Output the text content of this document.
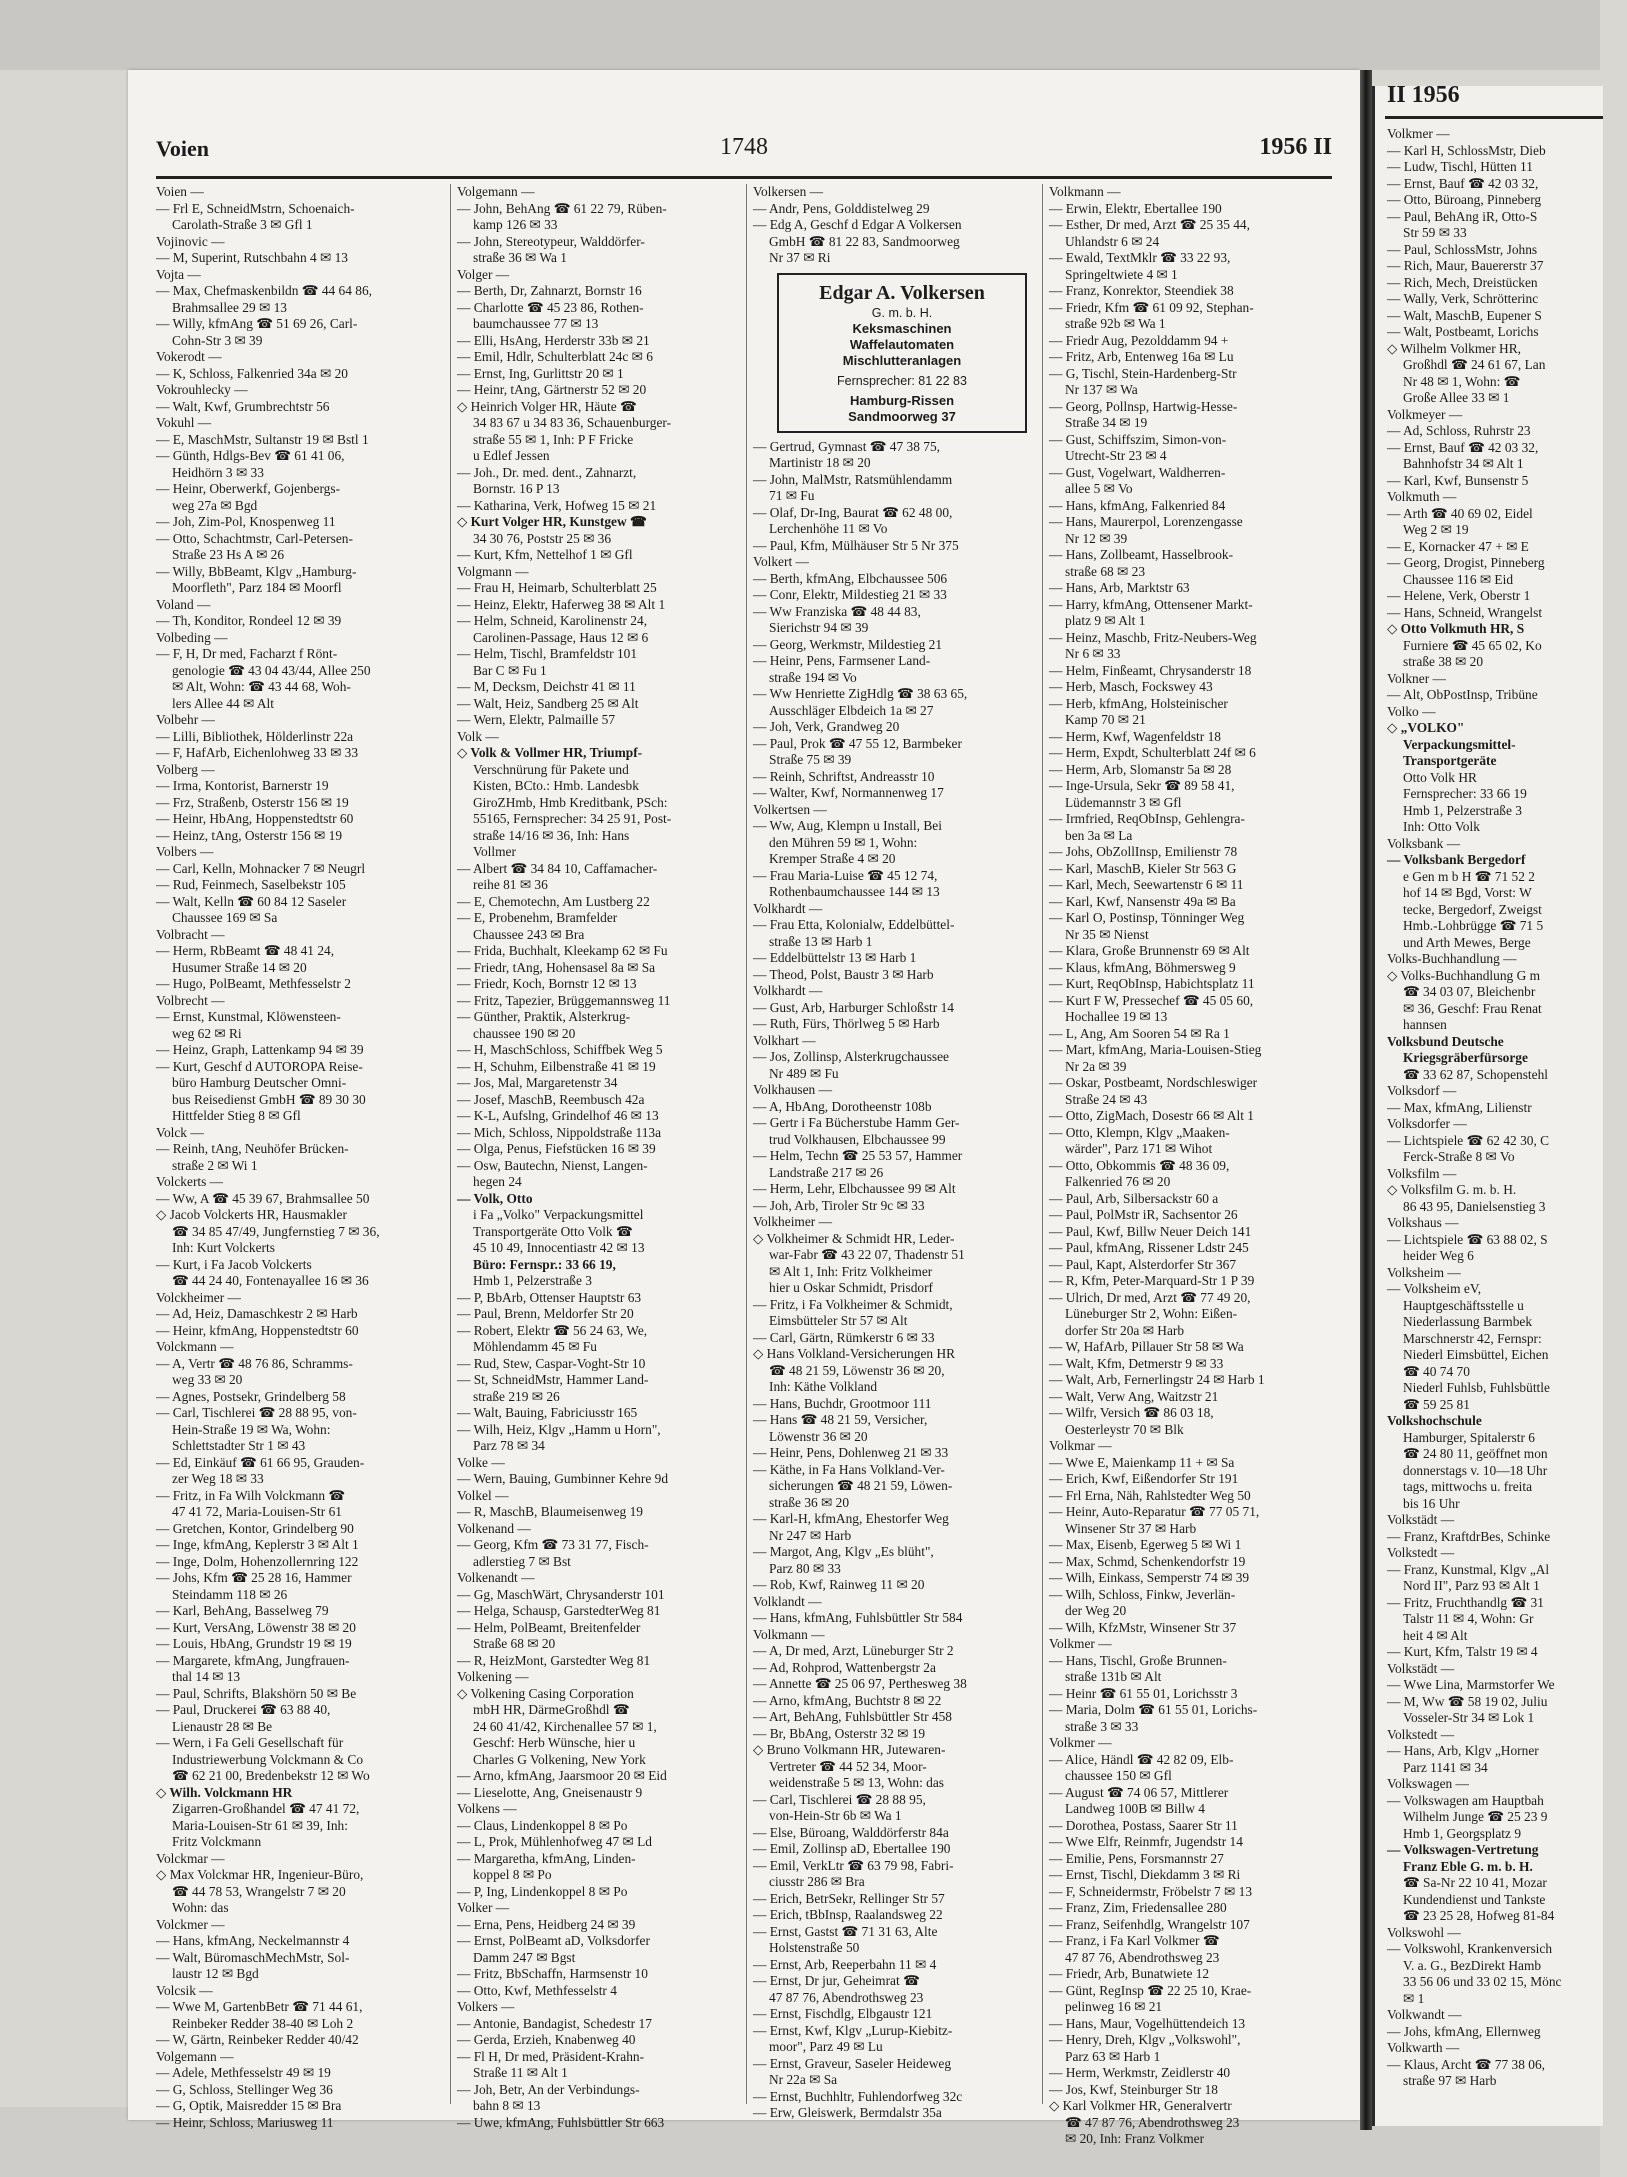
Voien	1748	1956 II
Voien —
— Frl E, SchneidMstrn, Schoenaich-
Carolath-Straße 3 ✉ Gfl 1
Vojinovic —
— M, Superint, Rutschbahn 4 ✉ 13
Vojta —
— Max, Chefmaskenbildn ☎ 44 64 86,
Brahmsallee 29 ✉ 13
— Willy, kfmAng ☎ 51 69 26, Carl-
Cohn-Str 3 ✉ 39
Vokerodt —
— K, Schloss, Falkenried 34a ✉ 20
Vokrouhlecky —
— Walt, Kwf, Grumbrechtstr 56
Vokuhl —
— E, MaschMstr, Sultanstr 19 ✉ Bstl 1
— Günth, Hdlgs-Bev ☎ 61 41 06,
Heidhörn 3 ✉ 33
— Heinr, Oberwerkf, Gojenbergs-
weg 27a ✉ Bgd
— Joh, Zim-Pol, Knospenweg 11
— Otto, Schachtmstr, Carl-Petersen-
Straße 23 Hs A ✉ 26
— Willy, BbBeamt, Klgv „Hamburg-
Moorfleth", Parz 184 ✉ Moorfl
Voland —
— Th, Konditor, Rondeel 12 ✉ 39
Volbeding —
— F, H, Dr med, Facharzt f Rönt-
genologie ☎ 43 04 43/44, Allee 250
✉ Alt, Wohn: ☎ 43 44 68, Woh-
lers Allee 44 ✉ Alt
Volbehr —
— Lilli, Bibliothek, Hölderlinstr 22a
— F, HafArb, Eichenlohweg 33 ✉ 33
Volberg —
— Irma, Kontorist, Barnerstr 19
— Frz, Straßenb, Osterstr 156 ✉ 19
— Heinr, HbAng, Hoppenstedtstr 60
— Heinz, tAng, Osterstr 156 ✉ 19
Volbers —
— Carl, Kelln, Mohnacker 7 ✉ Neugrl
— Rud, Feinmech, Saselbekstr 105
— Walt, Kelln ☎ 60 84 12 Saseler
Chaussee 169 ✉ Sa
Volbracht —
— Herm, RbBeamt ☎ 48 41 24,
Husumer Straße 14 ✉ 20
— Hugo, PolBeamt, Methfesselstr 2
Volbrecht —
— Ernst, Kunstmal, Klöwensteen-
weg 62 ✉ Ri
— Heinz, Graph, Lattenkamp 94 ✉ 39
— Kurt, Geschf d AUTOROPA Reise-
büro Hamburg Deutscher Omni-
bus Reisedienst GmbH ☎ 89 30 30
Hittfelder Stieg 8 ✉ Gfl
Volck —
— Reinh, tAng, Neuhöfer Brücken-
straße 2 ✉ Wi 1
Volckerts —
— Ww, A ☎ 45 39 67, Brahmsallee 50
◇ Jacob Volckerts HR, Hausmakler
☎ 34 85 47/49, Jungfernstieg 7 ✉ 36,
Inh: Kurt Volckerts
— Kurt, i Fa Jacob Volckerts
☎ 44 24 40, Fontenayallee 16 ✉ 36
Volckheimer —
— Ad, Heiz, Damaschkestr 2 ✉ Harb
— Heinr, kfmAng, Hoppenstedtstr 60
Volckmann —
— A, Vertr ☎ 48 76 86, Schramms-
weg 33 ✉ 20
— Agnes, Postsekr, Grindelberg 58
— Carl, Tischlerei ☎ 28 88 95, von-
Hein-Straße 19 ✉ Wa, Wohn:
Schlettstadter Str 1 ✉ 43
— Ed, Einkäuf ☎ 61 66 95, Grauden-
zer Weg 18 ✉ 33
— Fritz, in Fa Wilh Volckmann ☎
47 41 72, Maria-Louisen-Str 61
— Gretchen, Kontor, Grindelberg 90
— Inge, kfmAng, Keplerstr 3 ✉ Alt 1
— Inge, Dolm, Hohenzollernring 122
— Johs, Kfm ☎ 25 28 16, Hammer
Steindamm 118 ✉ 26
— Karl, BehAng, Basselweg 79
— Kurt, VersAng, Löwenstr 38 ✉ 20
— Louis, HbAng, Grundstr 19 ✉ 19
— Margarete, kfmAng, Jungfrauen-
thal 14 ✉ 13
— Paul, Schrifts, Blakshörn 50 ✉ Be
— Paul, Druckerei ☎ 63 88 40,
Lienaustr 28 ✉ Be
— Wern, i Fa Geli Gesellschaft für
Industriewerbung Volckmann & Co
☎ 62 21 00, Bredenbekstr 12 ✉ Wo
◇ Wilh. Volckmann HR
Zigarren-Großhandel ☎ 47 41 72,
Maria-Louisen-Str 61 ✉ 39, Inh:
Fritz Volckmann
Volckmar —
◇ Max Volckmar HR, Ingenieur-Büro,
☎ 44 78 53, Wrangelstr 7 ✉ 20
Wohn: das
Volckmer —
— Hans, kfmAng, Neckelmannstr 4
— Walt, BüromaschMechMstr, Sol-
laustr 12 ✉ Bgd
Volcsik —
— Wwe M, GartenbBetr ☎ 71 44 61,
Reinbeker Redder 38-40 ✉ Loh 2
— W, Gärtn, Reinbeker Redder 40/42
Volgemann —
— Adele, Methfesselstr 49 ✉ 19
— G, Schloss, Stellinger Weg 36
— G, Optik, Maisredder 15 ✉ Bra
— Heinr, Schloss, Mariusweg 11
Volgemann —
— John, BehAng ☎ 61 22 79, Rüben-
kamp 126 ✉ 33
— John, Stereotypeur, Walddörfer-
straße 36 ✉ Wa 1
Volger —
— Berth, Dr, Zahnarzt, Bornstr 16
— Charlotte ☎ 45 23 86, Rothen-
baumchaussee 77 ✉ 13
— Elli, HsAng, Herderstr 33b ✉ 21
— Emil, Hdlr, Schulterblatt 24c ✉ 6
— Ernst, Ing, Gurlittstr 20 ✉ 1
— Heinr, tAng, Gärtnerstr 52 ✉ 20
◇ Heinrich Volger HR, Häute ☎
34 83 67 u 34 83 36, Schauenburger-
straße 55 ✉ 1, Inh: P F Fricke
u Edlef Jessen
— Joh., Dr. med. dent., Zahnarzt,
Bornstr. 16 P 13
— Katharina, Verk, Hofweg 15 ✉ 21
◇ Kurt Volger HR, Kunstgew ☎
34 30 76, Poststr 25 ✉ 36
— Kurt, Kfm, Nettelhof 1 ✉ Gfl
Volgmann —
— Frau H, Heimarb, Schulterblatt 25
— Heinz, Elektr, Haferweg 38 ✉ Alt 1
— Helm, Schneid, Karolinenstr 24,
Carolinen-Passage, Haus 12 ✉ 6
— Helm, Tischl, Bramfeldstr 101
Bar C ✉ Fu 1
— M, Decksm, Deichstr 41 ✉ 11
— Walt, Heiz, Sandberg 25 ✉ Alt
— Wern, Elektr, Palmaille 57
Volk —
◇ Volk & Vollmer HR, Triumpf-
Verschnürung für Pakete und
Kisten, BCto.: Hmb. Landesbk
GiroZHmb, Hmb Kreditbank, PSch:
55165, Fernsprecher: 34 25 91, Post-
straße 14/16 ✉ 36, Inh: Hans
Vollmer
— Albert ☎ 34 84 10, Caffamacher-
reihe 81 ✉ 36
— E, Chemotechn, Am Lustberg 22
— E, Probenehm, Bramfelder
Chaussee 243 ✉ Bra
— Frida, Buchhalt, Kleekamp 62 ✉ Fu
— Friedr, tAng, Hohensasel 8a ✉ Sa
— Friedr, Koch, Bornstr 12 ✉ 13
— Fritz, Tapezier, Brüggemannsweg 11
— Günther, Praktik, Alsterkrug-
chaussee 190 ✉ 20
— H, MaschSchloss, Schiffbek Weg 5
— H, Schuhm, Eilbenstraße 41 ✉ 19
— Jos, Mal, Margaretenstr 34
— Josef, MaschB, Reembusch 42a
— K-L, Aufslng, Grindelhof 46 ✉ 13
— Mich, Schloss, Nippoldstraße 113a
— Olga, Penus, Fiefstücken 16 ✉ 39
— Osw, Bautechn, Nienst, Langen-
hegen 24
— Volk, Otto
i Fa „Volko" Verpackungsmittel
Transportgeräte Otto Volk ☎
45 10 49, Innocentiastr 42 ✉ 13
Büro: Fernspr.: 33 66 19,
Hmb 1, Pelzerstraße 3
— P, BbArb, Ottenser Hauptstr 63
— Paul, Brenn, Meldorfer Str 20
— Robert, Elektr ☎ 56 24 63, We,
Möhlendamm 45 ✉ Fu
— Rud, Stew, Caspar-Voght-Str 10
— St, SchneidMstr, Hammer Land-
straße 219 ✉ 26
— Walt, Bauing, Fabriciusstr 165
— Wilh, Heiz, Klgv „Hamm u Horn",
Parz 78 ✉ 34
Volke —
— Wern, Bauing, Gumbinner Kehre 9d
Volkel —
— R, MaschB, Blaumeisenweg 19
Volkenand —
— Georg, Kfm ☎ 73 31 77, Fisch-
adlerstieg 7 ✉ Bst
Volkenandt —
— Gg, MaschWärt, Chrysanderstr 101
— Helga, Schausp, GarstedterWeg 81
— Helm, PolBeamt, Breitenfelder
Straße 68 ✉ 20
— R, HeizMont, Garstedter Weg 81
Volkening —
◇ Volkening Casing Corporation
mbH HR, DärmeGroßhdl ☎
24 60 41/42, Kirchenallee 57 ✉ 1,
Geschf: Herb Wünsche, hier u
Charles G Volkening, New York
— Arno, kfmAng, Jaarsmoor 20 ✉ Eid
— Lieselotte, Ang, Gneisenaustr 9
Volkens —
— Claus, Lindenkoppel 8 ✉ Po
— L, Prok, Mühlenhofweg 47 ✉ Ld
— Margaretha, kfmAng, Linden-
koppel 8 ✉ Po
— P, Ing, Lindenkoppel 8 ✉ Po
Volker —
— Erna, Pens, Heidberg 24 ✉ 39
— Ernst, PolBeamt aD, Volksdorfer
Damm 247 ✉ Bgst
— Fritz, BbSchaffn, Harmsenstr 10
— Otto, Kwf, Methfesselstr 4
Volkers —
— Antonie, Bandagist, Schedestr 17
— Gerda, Erzieh, Knabenweg 40
— Fl H, Dr med, Präsident-Krahn-
Straße 11 ✉ Alt 1
— Joh, Betr, An der Verbindungs-
bahn 8 ✉ 13
— Uwe, kfmAng, Fuhlsbüttler Str 663
Volkersen —
— Andr, Pens, Golddistelweg 29
— Edg A, Geschf d Edgar A Volkersen
GmbH ☎ 81 22 83, Sandmoorweg
Nr 37 ✉ Ri
Edgar A. Volkersen
G. m. b. H.
Keksmaschinen
Waffelautomaten
Mischlutteranlagen
Fernsprecher: 81 22 83
Hamburg-Rissen
Sandmoorweg 37
— Gertrud, Gymnast ☎ 47 38 75,
Martinistr 18 ✉ 20
— John, MalMstr, Ratsmühlendamm
71 ✉ Fu
— Olaf, Dr-Ing, Baurat ☎ 62 48 00,
Lerchenhöhe 11 ✉ Vo
— Paul, Kfm, Mülhäuser Str 5 Nr 375
Volkert —
— Berth, kfmAng, Elbchaussee 506
— Conr, Elektr, Mildestieg 21 ✉ 33
— Ww Franziska ☎ 48 44 83,
Sierichstr 94 ✉ 39
— Georg, Werkmstr, Mildestieg 21
— Heinr, Pens, Farmsener Land-
straße 194 ✉ Vo
— Ww Henriette ZigHdlg ☎ 38 63 65,
Ausschläger Elbdeich 1a ✉ 27
— Joh, Verk, Grandweg 20
— Paul, Prok ☎ 47 55 12, Barmbeker
Straße 75 ✉ 39
— Reinh, Schriftst, Andreasstr 10
— Walter, Kwf, Normannenweg 17
Volkertsen —
— Ww, Aug, Klempn u Install, Bei
den Mühren 59 ✉ 1, Wohn:
Kremper Straße 4 ✉ 20
— Frau Maria-Luise ☎ 45 12 74,
Rothenbaumchaussee 144 ✉ 13
Volkhardt —
— Frau Etta, Kolonialw, Eddelbüttel-
straße 13 ✉ Harb 1
— Eddelbüttelstr 13 ✉ Harb 1
— Theod, Polst, Baustr 3 ✉ Harb
Volkhardt —
— Gust, Arb, Harburger Schloßstr 14
— Ruth, Fürs, Thörlweg 5 ✉ Harb
Volkhart —
— Jos, Zollinsp, Alsterkrugchaussee
Nr 489 ✉ Fu
Volkhausen —
— A, HbAng, Dorotheenstr 108b
— Gertr i Fa Bücherstube Hamm Ger-
trud Volkhausen, Elbchaussee 99
— Helm, Techn ☎ 25 53 57, Hammer
Landstraße 217 ✉ 26
— Herm, Lehr, Elbchaussee 99 ✉ Alt
— Joh, Arb, Tiroler Str 9c ✉ 33
Volkheimer —
◇ Volkheimer & Schmidt HR, Leder-
war-Fabr ☎ 43 22 07, Thadenstr 51
✉ Alt 1, Inh: Fritz Volkheimer
hier u Oskar Schmidt, Prisdorf
— Fritz, i Fa Volkheimer & Schmidt,
Eimsbütteler Str 57 ✉ Alt
— Carl, Gärtn, Rümkerstr 6 ✉ 33
◇ Hans Volkland-Versicherungen HR
☎ 48 21 59, Löwenstr 36 ✉ 20,
Inh: Käthe Volkland
— Hans, Buchdr, Grootmoor 111
— Hans ☎ 48 21 59, Versicher,
Löwenstr 36 ✉ 20
— Heinr, Pens, Dohlenweg 21 ✉ 33
— Käthe, in Fa Hans Volkland-Ver-
sicherungen ☎ 48 21 59, Löwen-
straße 36 ✉ 20
— Karl-H, kfmAng, Ehestorfer Weg
Nr 247 ✉ Harb
— Margot, Ang, Klgv „Es blüht",
Parz 80 ✉ 33
— Rob, Kwf, Rainweg 11 ✉ 20
Volklandt —
— Hans, kfmAng, Fuhlsbüttler Str 584
Volkmann —
— A, Dr med, Arzt, Lüneburger Str 2
— Ad, Rohprod, Wattenbergstr 2a
— Annette ☎ 25 06 97, Perthesweg 38
— Arno, kfmAng, Buchtstr 8 ✉ 22
— Art, BehAng, Fuhlsbüttler Str 458
— Br, BbAng, Osterstr 32 ✉ 19
◇ Bruno Volkmann HR, Jutewaren-
Vertreter ☎ 44 52 34, Moor-
weidenstraße 5 ✉ 13, Wohn: das
— Carl, Tischlerei ☎ 28 88 95,
von-Hein-Str 6b ✉ Wa 1
— Else, Büroang, Walddörferstr 84a
— Emil, Zollinsp aD, Ebertallee 190
— Emil, VerkLtr ☎ 63 79 98, Fabri-
ciusstr 286 ✉ Bra
— Erich, BetrSekr, Rellinger Str 57
— Erich, tBbInsp, Raalandsweg 22
— Ernst, Gastst ☎ 71 31 63, Alte
Holstenstraße 50
— Ernst, Arb, Reeperbahn 11 ✉ 4
— Ernst, Dr jur, Geheimrat ☎
47 87 76, Abendrothsweg 23
— Ernst, Fischdlg, Elbgaustr 121
— Ernst, Kwf, Klgv „Lurup-Kiebitz-
moor", Parz 49 ✉ Lu
— Ernst, Graveur, Saseler Heideweg
Nr 22a ✉ Sa
— Ernst, Buchhltr, Fuhlendorfweg 32c
— Erw, Gleiswerk, Bermdalstr 35a
Volkmann —
— Erwin, Elektr, Ebertallee 190
— Esther, Dr med, Arzt ☎ 25 35 44,
Uhlandstr 6 ✉ 24
— Ewald, TextMklr ☎ 33 22 93,
Springeltwiete 4 ✉ 1
— Franz, Konrektor, Steendiek 38
— Friedr, Kfm ☎ 61 09 92, Stephan-
straße 92b ✉ Wa 1
— Friedr Aug, Pezolddamm 94 +
— Fritz, Arb, Entenweg 16a ✉ Lu
— G, Tischl, Stein-Hardenberg-Str
Nr 137 ✉ Wa
— Georg, Pollnsp, Hartwig-Hesse-
Straße 34 ✉ 19
— Gust, Schiffszim, Simon-von-
Utrecht-Str 23 ✉ 4
— Gust, Vogelwart, Waldherren-
allee 5 ✉ Vo
— Hans, kfmAng, Falkenried 84
— Hans, Maurerpol, Lorenzengasse
Nr 12 ✉ 39
— Hans, Zollbeamt, Hasselbrook-
straße 68 ✉ 23
— Hans, Arb, Marktstr 63
— Harry, kfmAng, Ottensener Markt-
platz 9 ✉ Alt 1
— Heinz, Maschb, Fritz-Neubers-Weg
Nr 6 ✉ 33
— Helm, Finßeamt, Chrysanderstr 18
— Herb, Masch, Fockswey 43
— Herb, kfmAng, Holsteinischer
Kamp 70 ✉ 21
— Herm, Kwf, Wagenfeldstr 18
— Herm, Expdt, Schulterblatt 24f ✉ 6
— Herm, Arb, Slomanstr 5a ✉ 28
— Inge-Ursula, Sekr ☎ 89 58 41,
Lüdemannstr 3 ✉ Gfl
— Irmfried, ReqObInsp, Gehlengra-
ben 3a ✉ La
— Johs, ObZollInsp, Emilienstr 78
— Karl, MaschB, Kieler Str 563 G
— Karl, Mech, Seewartenstr 6 ✉ 11
— Karl, Kwf, Nansenstr 49a ✉ Ba
— Karl O, Postinsp, Tönninger Weg
Nr 35 ✉ Nienst
— Klara, Große Brunnenstr 69 ✉ Alt
— Klaus, kfmAng, Böhmersweg 9
— Kurt, ReqObInsp, Habichtsplatz 11
— Kurt F W, Pressechef ☎ 45 05 60,
Hochallee 19 ✉ 13
— L, Ang, Am Sooren 54 ✉ Ra 1
— Mart, kfmAng, Maria-Louisen-Stieg
Nr 2a ✉ 39
— Oskar, Postbeamt, Nordschleswiger
Straße 24 ✉ 43
— Otto, ZigMach, Dosestr 66 ✉ Alt 1
— Otto, Klempn, Klgv „Maaken-
wärder", Parz 171 ✉ Wihot
— Otto, Obkommis ☎ 48 36 09,
Falkenried 76 ✉ 20
— Paul, Arb, Silbersackstr 60 a
— Paul, PolMstr iR, Sachsentor 26
— Paul, Kwf, Billw Neuer Deich 141
— Paul, kfmAng, Rissener Ldstr 245
— Paul, Kapt, Alsterdorfer Str 367
— R, Kfm, Peter-Marquard-Str 1 P 39
— Ulrich, Dr med, Arzt ☎ 77 49 20,
Lüneburger Str 2, Wohn: Eißen-
dorfer Str 20a ✉ Harb
— W, HafArb, Pillauer Str 58 ✉ Wa
— Walt, Kfm, Detmerstr 9 ✉ 33
— Walt, Arb, Fernerlingstr 24 ✉ Harb 1
— Walt, Verw Ang, Waitzstr 21
— Wilfr, Versich ☎ 86 03 18,
Oesterleystr 70 ✉ Blk
Volkmar —
— Wwe E, Maienkamp 11 + ✉ Sa
— Erich, Kwf, Eißendorfer Str 191
— Frl Erna, Näh, Rahlstedter Weg 50
— Heinr, Auto-Reparatur ☎ 77 05 71,
Winsener Str 37 ✉ Harb
— Max, Eisenb, Egerweg 5 ✉ Wi 1
— Max, Schmd, Schenkendorfstr 19
— Wilh, Einkass, Semperstr 74 ✉ 39
— Wilh, Schloss, Finkw, Jeverlän-
der Weg 20
— Wilh, KfzMstr, Winsener Str 37
Volkmer —
— Hans, Tischl, Große Brunnen-
straße 131b ✉ Alt
— Heinr ☎ 61 55 01, Lorichsstr 3
— Maria, Dolm ☎ 61 55 01, Lorichs-
straße 3 ✉ 33
Volkmer —
— Alice, Händl ☎ 42 82 09, Elb-
chaussee 150 ✉ Gfl
— August ☎ 74 06 57, Mittlerer
Landweg 100B ✉ Billw 4
— Dorothea, Postass, Saarer Str 11
— Wwe Elfr, Reinmfr, Jugendstr 14
— Emilie, Pens, Forsmannstr 27
— Ernst, Tischl, Diekdamm 3 ✉ Ri
— F, Schneidermstr, Fröbelstr 7 ✉ 13
— Franz, Zim, Friedensallee 280
— Franz, Seifenhdlg, Wrangelstr 107
— Franz, i Fa Karl Volkmer ☎
47 87 76, Abendrothsweg 23
— Friedr, Arb, Bunatwiete 12
— Günt, RegInsp ☎ 22 25 10, Krae-
pelinweg 16 ✉ 21
— Hans, Maur, Vogelhüttendeich 13
— Henry, Dreh, Klgv „Volkswohl",
Parz 63 ✉ Harb 1
— Herm, Werkmstr, Zeidlerstr 40
— Jos, Kwf, Steinburger Str 18
◇ Karl Volkmer HR, Generalvertr
☎ 47 87 76, Abendrothsweg 23
✉ 20, Inh: Franz Volkmer
II 1956
Volkmer —
— Karl H, SchlossMstr, Dieb
— Ludw, Tischl, Hütten 11
— Ernst, Bauf ☎ 42 03 32,
— Otto, Büroang, Pinneberg
— Paul, BehAng iR, Otto-S
Str 59 ✉ 33
— Paul, SchlossMstr, Johns
— Rich, Maur, Bauererstr 37
— Rich, Mech, Dreistücken
— Wally, Verk, Schrötterinc
— Walt, MaschB, Eupener S
— Walt, Postbeamt, Lorichs
◇ Wilhelm Volkmer HR,
Großhdl ☎ 24 61 67, Lan
Nr 48 ✉ 1, Wohn: ☎
Große Allee 33 ✉ 1
Volkmeyer —
— Ad, Schloss, Ruhrstr 23
— Ernst, Bauf ☎ 42 03 32,
Bahnhofstr 34 ✉ Alt 1
— Karl, Kwf, Bunsenstr 5
Volkmuth —
— Arth ☎ 40 69 02, Eidel
Weg 2 ✉ 19
— E, Kornacker 47 + ✉ E
— Georg, Drogist, Pinneberg
Chaussee 116 ✉ Eid
— Helene, Verk, Oberstr 1
— Hans, Schneid, Wrangelst
◇ Otto Volkmuth HR, S
Furniere ☎ 45 65 02, Ko
straße 38 ✉ 20
Volkner —
— Alt, ObPostInsp, Tribüne
Volko —
◇ „VOLKO"
Verpackungsmittel-
Transportgeräte
Otto Volk HR
Fernsprecher: 33 66 19
Hmb 1, Pelzerstraße 3
Inh: Otto Volk
Volksbank —
— Volksbank Bergedorf
e Gen m b H ☎ 71 52 2
hof 14 ✉ Bgd, Vorst: W
tecke, Bergedorf, Zweigst
Hmb.-Lohbrügge ☎ 71 5
und Arth Mewes, Berge
Volks-Buchhandlung —
◇ Volks-Buchhandlung G m
☎ 34 03 07, Bleichenbr
✉ 36, Geschf: Frau Renat
hannsen
Volksbund Deutsche
Kriegsgräberfürsorge
☎ 33 62 87, Schopenstehl
Volksdorf —
— Max, kfmAng, Lilienstr
Volksdorfer —
— Lichtspiele ☎ 62 42 30, C
Ferck-Straße 8 ✉ Vo
Volksfilm —
◇ Volksfilm G. m. b. H.
86 43 95, Danielsenstieg 3
Volkshaus —
— Lichtspiele ☎ 63 88 02, S
heider Weg 6
Volksheim —
— Volksheim eV,
Hauptgeschäftsstelle u
Niederlassung Barmbek
Marschnerstr 42, Fernspr:
Niederl Eimsbüttel, Eichen
☎ 40 74 70
Niederl Fuhlsb, Fuhlsbüttle
☎ 59 25 81
Volkshochschule
Hamburger, Spitalerstr 6
☎ 24 80 11, geöffnet mon
donnerstags v. 10—18 Uhr
tags, mittwochs u. freita
bis 16 Uhr
Volkstädt —
— Franz, KraftdrBes, Schinke
Volkstedt —
— Franz, Kunstmal, Klgv „Al
Nord II", Parz 93 ✉ Alt 1
— Fritz, Fruchthandlg ☎ 31
Talstr 11 ✉ 4, Wohn: Gr
heit 4 ✉ Alt
— Kurt, Kfm, Talstr 19 ✉ 4
Volkstädt —
— Wwe Lina, Marmstorfer We
— M, Ww ☎ 58 19 02, Juliu
Vosseler-Str 34 ✉ Lok 1
Volkstedt —
— Hans, Arb, Klgv „Horner
Parz 1141 ✉ 34
Volkswagen —
— Volkswagen am Hauptbah
Wilhelm Junge ☎ 25 23 9
Hmb 1, Georgsplatz 9
— Volkswagen-Vertretung
Franz Eble G. m. b. H.
☎ Sa-Nr 22 10 41, Mozar
Kundendienst und Tankste
☎ 23 25 28, Hofweg 81-84
Volkswohl —
— Volkswohl, Krankenversich
V. a. G., BezDirekt Hamb
33 56 06 und 33 02 15, Mönc
✉ 1
Volkwandt —
— Johs, kfmAng, Ellernweg
Volkwarth —
— Klaus, Archt ☎ 77 38 06,
straße 97 ✉ Harb
